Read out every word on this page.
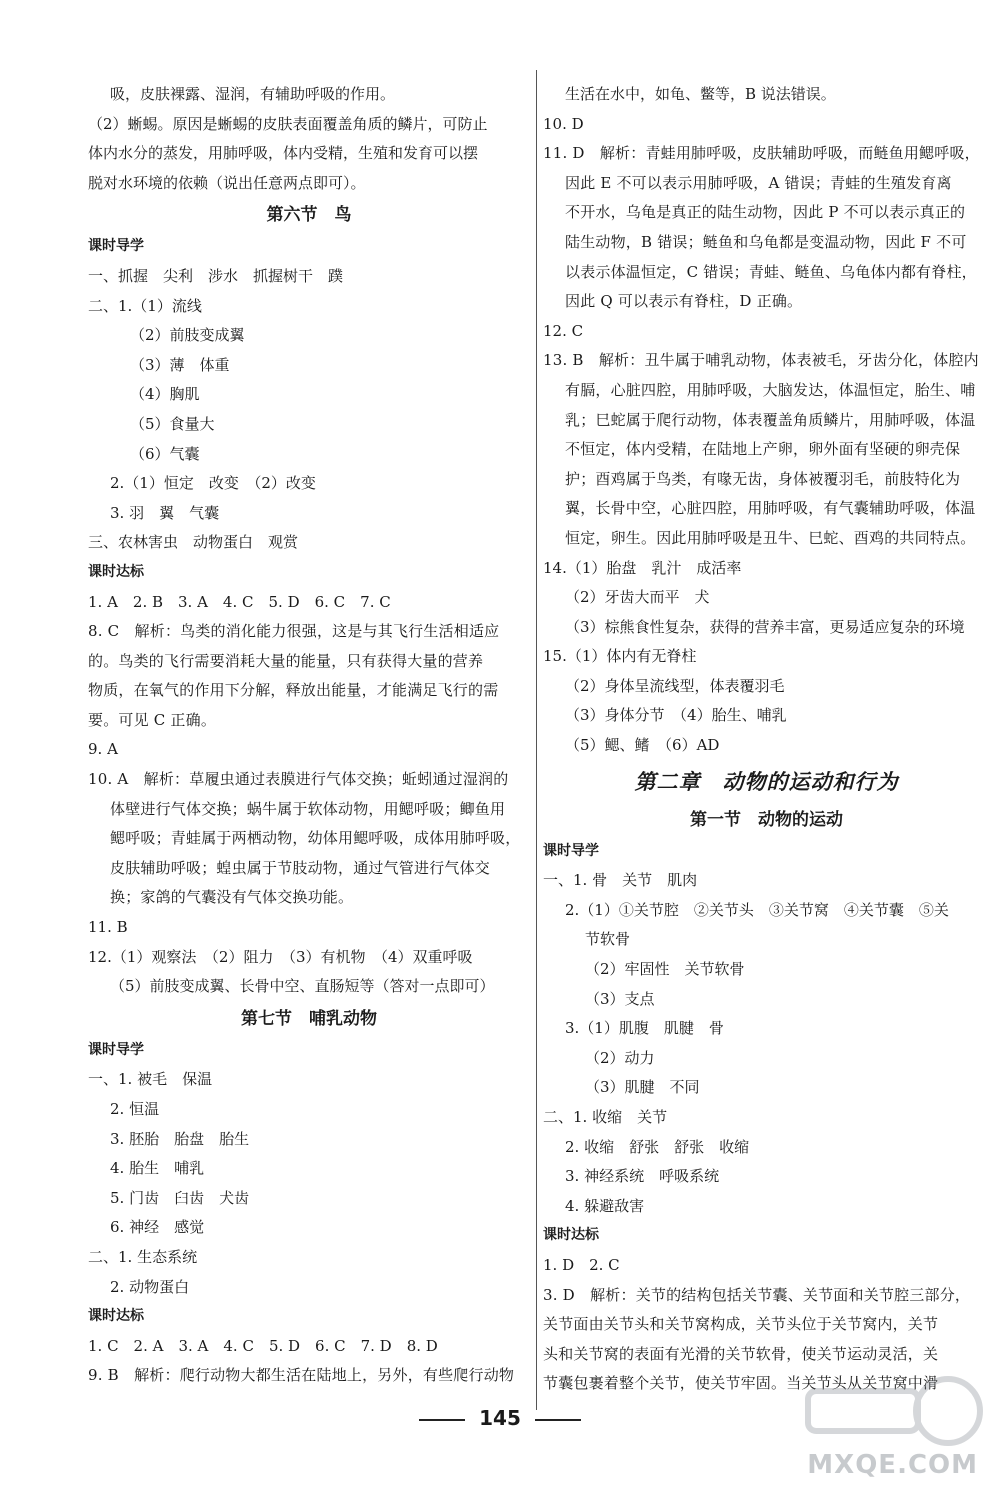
吸，皮肤裸露、湿润，有辅助呼吸的作用。
（2）蜥蜴。原因是蜥蜴的皮肤表面覆盖角质的鳞片，可防止
体内水分的蒸发，用肺呼吸，体内受精，生殖和发育可以摆
脱对水环境的依赖（说出任意两点即可）。
第六节　鸟
课时导学
一、抓握　尖利　涉水　抓握树干　蹼
二、1.（1）流线
（2）前肢变成翼
（3）薄　体重
（4）胸肌
（5）食量大
（6）气囊
2.（1）恒定　改变　（2）改变
3. 羽　翼　气囊
三、农林害虫　动物蛋白　观赏
课时达标
1. A　2. B　3. A　4. C　5. D　6. C　7. C
8. C　解析：鸟类的消化能力很强，这是与其飞行生活相适应
的。鸟类的飞行需要消耗大量的能量，只有获得大量的营养
物质，在氧气的作用下分解，释放出能量，才能满足飞行的需
要。可见 C 正确。
9. A
10. A　解析：草履虫通过表膜进行气体交换；蚯蚓通过湿润的
体壁进行气体交换；蜗牛属于软体动物，用鳃呼吸；鲫鱼用
鳃呼吸；青蛙属于两栖动物，幼体用鳃呼吸，成体用肺呼吸，
皮肤辅助呼吸；蝗虫属于节肢动物，通过气管进行气体交
换；家鸽的气囊没有气体交换功能。
11. B
12.（1）观察法　（2）阻力　（3）有机物　（4）双重呼吸
（5）前肢变成翼、长骨中空、直肠短等（答对一点即可）
第七节　哺乳动物
课时导学
一、1. 被毛　保温
2. 恒温
3. 胚胎　胎盘　胎生
4. 胎生　哺乳
5. 门齿　臼齿　犬齿
6. 神经　感觉
二、1. 生态系统
2. 动物蛋白
课时达标
1. C　2. A　3. A　4. C　5. D　6. C　7. D　8. D
9. B　解析：爬行动物大都生活在陆地上，另外，有些爬行动物
生活在水中，如龟、鳖等，B 说法错误。
10. D
11. D　解析：青蛙用肺呼吸，皮肤辅助呼吸，而鲢鱼用鳃呼吸，
因此 E 不可以表示用肺呼吸，A 错误；青蛙的生殖发育离
不开水，乌龟是真正的陆生动物，因此 P 不可以表示真正的
陆生动物，B 错误；鲢鱼和乌龟都是变温动物，因此 F 不可
以表示体温恒定，C 错误；青蛙、鲢鱼、乌龟体内都有脊柱，
因此 Q 可以表示有脊柱，D 正确。
12. C
13. B　解析：丑牛属于哺乳动物，体表被毛，牙齿分化，体腔内
有膈，心脏四腔，用肺呼吸，大脑发达，体温恒定，胎生、哺
乳；巳蛇属于爬行动物，体表覆盖角质鳞片，用肺呼吸，体温
不恒定，体内受精，在陆地上产卵，卵外面有坚硬的卵壳保
护；酉鸡属于鸟类，有喙无齿，身体被覆羽毛，前肢特化为
翼，长骨中空，心脏四腔，用肺呼吸，有气囊辅助呼吸，体温
恒定，卵生。因此用肺呼吸是丑牛、巳蛇、酉鸡的共同特点。
14.（1）胎盘　乳汁　成活率
（2）牙齿大而平　犬
（3）棕熊食性复杂，获得的营养丰富，更易适应复杂的环境
15.（1）体内有无脊柱
（2）身体呈流线型，体表覆羽毛
（3）身体分节　（4）胎生、哺乳
（5）鳃、鳍　（6）AD
第二章　动物的运动和行为
第一节　动物的运动
课时导学
一、1. 骨　关节　肌肉
2.（1）①关节腔　②关节头　③关节窝　④关节囊　⑤关
节软骨
（2）牢固性　关节软骨
（3）支点
3.（1）肌腹　肌腱　骨
（2）动力
（3）肌腱　不同
二、1. 收缩　关节
2. 收缩　舒张　舒张　收缩
3. 神经系统　呼吸系统
4. 躲避敌害
课时达标
1. D　2. C
3. D　解析：关节的结构包括关节囊、关节面和关节腔三部分，
关节面由关节头和关节窝构成，关节头位于关节窝内，关节
头和关节窝的表面有光滑的关节软骨，使关节运动灵活，关
节囊包裹着整个关节，使关节牢固。当关节头从关节窝中滑
145
MXQE.COM
